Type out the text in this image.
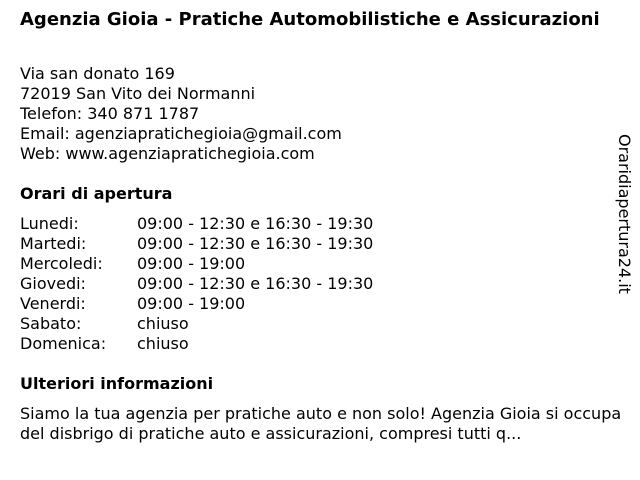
Agenzia Gioia - Pratiche Automobilistiche e Assicurazioni
Via san donato 169
72019 San Vito dei Normanni
Telefon: 340 871 1787
Email: agenziapratichegioia@gmail.com
Web: www.agenziapratichegioia.com
Orari di apertura
Lunedi:	09:00 - 12:30 e 16:30 - 19:30
Martedi:	09:00 - 12:30 e 16:30 - 19:30
Mercoledi: 09:00 - 19:00
Giovedi:	09:00 - 12:30 e 16:30 - 19:30
Venerdi:	09:00 - 19:00
Sabato:	chiuso
Domenica: chiuso
Ulteriori informazioni
Siamo la tua agenzia per pratiche auto e non solo! Agenzia Gioia si occupa del disbrigo di pratiche auto e assicurazioni, compresi tutti q...
Oraridiapertura24.it
